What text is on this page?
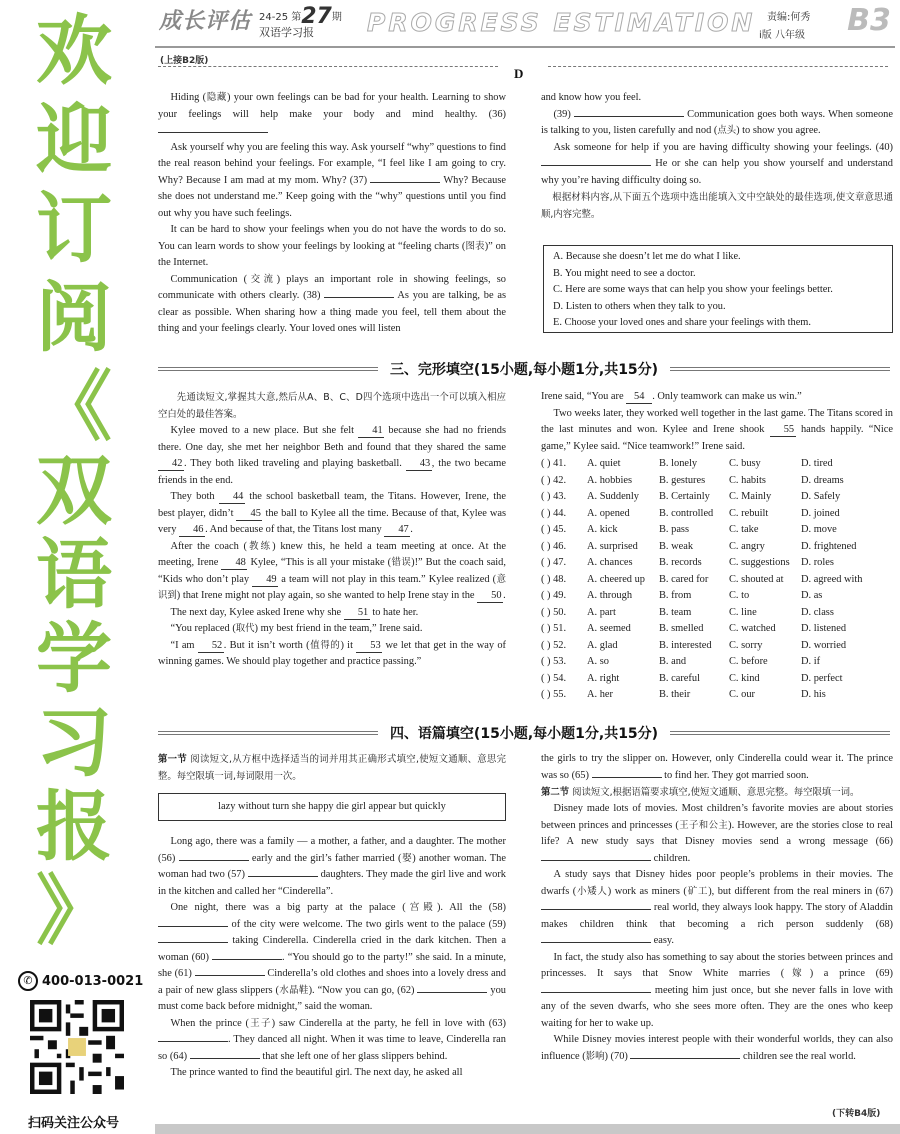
欢
迎
订
阅
《
双
语
学
习
报
》
✆ 400-013-0021
扫码关注公众号
成长评估 24-25 第27期
双语学习报 PROGRESS ESTIMATION 责编:何秀
i版 八年级 B3
(上接B2版)
D

Hiding (隐藏) your own feelings can be bad for your health. Learning to show your feelings will help make your body and mind healthy. (36)

Ask yourself why you are feeling this way. Ask yourself “why” questions to find the real reason behind your feelings. For example, “I feel like I am going to cry. Why? Because I am mad at my mom. Why? (37)	Why? Because she does not understand me.” Keep going with the “why” questions until you find out why you have such feelings.

It can be hard to show your feelings when you do not have the words to do so. You can learn words to show your feelings by looking at “feeling charts (图表)” on the Internet.

Communication (交流) plays an important role in showing feelings, so communicate with others clearly. (38)	As you are talking, be as clear as possible. When sharing how a thing made you feel, tell them about the thing and your feelings clearly. Your loved ones will listen

and know how you feel.

(39)	Communication goes both ways. When someone is talking to you, listen carefully and nod (点头) to show you agree.

Ask someone for help if you are having difficulty showing your feelings. (40)  He or she can help you show yourself and understand why you’re having difficulty doing so.

根据材料内容,从下面五个选项中选出能填入文中空缺处的最佳选项,使文章意思通顺,内容完整。

A. Because she doesn’t let me do what I like.
B. You might need to see a doctor.
C. Here are some ways that can help you show your feelings better.
D. Listen to others when they talk to you.
E. Choose your loved ones and share your feelings with them.
三、完形填空(15小题,每小题1分,共15分)

先通读短文,掌握其大意,然后从A、B、C、D四个选项中选出一个可以填入相应空白处的最佳答案。

Kylee moved to a new place. But she felt 41 because she had no friends there. One day, she met her neighbor Beth and found that they shared the same 42 . They both liked traveling and playing basketball. 43 , the two became friends in the end.

They both 44 the school basketball team, the Titans. However, Irene, the best player, didn’t 45 the ball to Kylee all the time. Because of that, Kylee was very 46 . And because of that, the Titans lost many 47 .

After the coach (教练) knew this, he held a team meeting at once. At the meeting, Irene 48 Kylee, “This is all your mistake (错误)!” But the coach said, “Kids who don’t play 49 a team will not play in this team.” Kylee realized (意识到) that Irene might not play again, so she wanted to help Irene stay in the 50 .

The next day, Kylee asked Irene why she 51 to hate her.

“You replaced (取代) my best friend in the team,” Irene said.

“I am 52 . But it isn’t worth (值得的) it 53 we let that get in the way of winning games. We should play together and practice passing.”

Irene said, “You are 54 . Only teamwork can make us win.”

Two weeks later, they worked well together in the last game. The Titans scored in the last minutes and won. Kylee and Irene shook 55 hands happily. “Nice game,” Kylee said. “Nice teamwork!” Irene said.

( ) 41.	A. quiet	B. lonely	C. busy	D. tired
( ) 42.	A. hobbies	B. gestures	C. habits	D. dreams
( ) 43.	A. Suddenly	B. Certainly	C. Mainly	D. Safely
( ) 44.	A. opened	B. controlled	C. rebuilt	D. joined
( ) 45.	A. kick	B. pass	C. take	D. move
( ) 46.	A. surprised	B. weak	C. angry	D. frightened
( ) 47.	A. chances	B. records	C. suggestions	D. roles
( ) 48.	A. cheered up	B. cared for	C. shouted at	D. agreed with
( ) 49.	A. through	B. from	C. to	D. as
( ) 50.	A. part	B. team	C. line	D. class
( ) 51.	A. seemed	B. smelled	C. watched	D. listened
( ) 52.	A. glad	B. interested	C. sorry	D. worried
( ) 53.	A. so	B. and	C. before	D. if
( ) 54.	A. right	B. careful	C. kind	D. perfect
( ) 55.	A. her	B. their	C. our	D. his
四、语篇填空(15小题,每小题1分,共15分)

第一节 阅读短文,从方框中选择适当的词并用其正确形式填空,使短文通顺、意思完整。每空限填一词,每词限用一次。

lazy without turn she happy die girl appear but quickly

Long ago, there was a family — a mother, a father, and a daughter. The mother (56)	early and the girl’s father married (娶) another woman. The woman had two (57)	daughters. They made the girl live and work in the kitchen and called her “Cinderella”.

One night, there was a big party at the palace (宫殿). All the (58)  of the city were welcome. The two girls went to the palace (59)  taking Cinderella. Cinderella cried in the dark kitchen. Then a woman (60)	. “You should go to the party!” she said. In a minute, she (61)	Cinderella’s old clothes and shoes into a lovely dress and a pair of new glass slippers (水晶鞋). “Now you can go, (62)	you must come back before midnight,” said the woman.

When the prince (王子) saw Cinderella at the party, he fell in love with (63) . They danced all night. When it was time to leave, Cinderella ran so (64)	that she left one of her glass slippers behind.

The prince wanted to find the beautiful girl. The next day, he asked all

the girls to try the slipper on. However, only Cinderella could wear it. The prince was so (65)	to find her. They got married soon.

第二节 阅读短文,根据语篇要求填空,使短文通顺、意思完整。每空限填一词。

Disney made lots of movies. Most children’s favorite movies are about stories between princes and princesses (王子和公主). However, are the stories close to real life? A new study says that Disney movies send a wrong message (66)  children.

A study says that Disney hides poor people’s problems in their movies. The dwarfs (小矮人) work as miners (矿工), but different from the real miners in (67)  real world, they always look happy. The story of Aladdin makes children think that becoming a rich person suddenly (68)  easy.

In fact, the study also has something to say about the stories between princes and princesses. It says that Snow White marries (嫁) a prince (69)  meeting him just once, but she never falls in love with any of the seven dwarfs, who she sees more often. They are the ones who keep waiting for her to wake up.

While Disney movies interest people with their wonderful worlds, they can also influence (影响) (70)	children see the real world.

(下转B4版)
